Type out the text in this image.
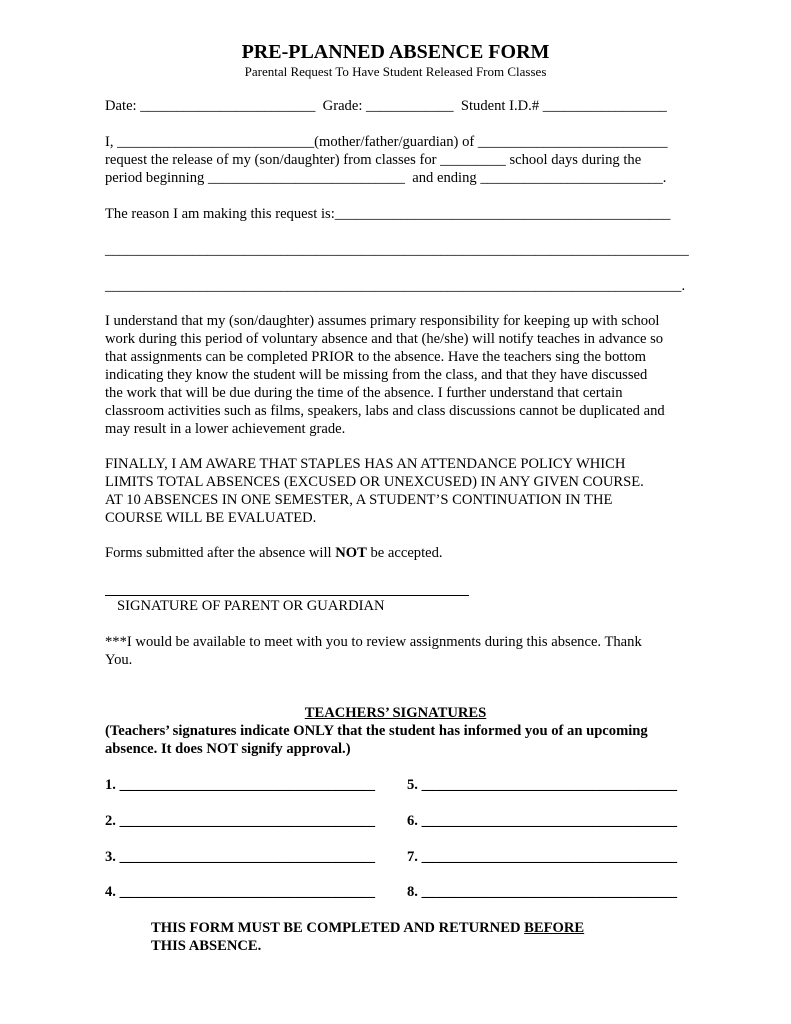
PRE-PLANNED ABSENCE FORM
Parental Request To Have Student Released From Classes
Date: ________________________  Grade: ____________  Student I.D.# _________________
I, ___________________________(mother/father/guardian) of __________________________
request the release of my (son/daughter) from classes for _________ school days during the
period beginning ___________________________  and ending _________________________.
The reason I am making this request is:______________________________________________
________________________________________________________________________________
_______________________________________________________________________________.
I understand that my (son/daughter) assumes primary responsibility for keeping up with school
work during this period of voluntary absence and that (he/she) will notify teaches in advance so
that assignments can be completed PRIOR to the absence. Have the teachers sing the bottom
indicating they know the student will be missing from the class, and that they have discussed
the work that will be due during the time of the absence. I further understand that certain
classroom activities such as films, speakers, labs and class discussions cannot be duplicated and
may result in a lower achievement grade.
FINALLY, I AM AWARE THAT STAPLES HAS AN ATTENDANCE POLICY WHICH
LIMITS TOTAL ABSENCES (EXCUSED OR UNEXCUSED) IN ANY GIVEN COURSE.
AT 10 ABSENCES IN ONE SEMESTER, A STUDENT’S CONTINUATION IN THE
COURSE WILL BE EVALUATED.
Forms submitted after the absence will NOT be accepted.
SIGNATURE OF PARENT OR GUARDIAN
***I would be available to meet with you to review assignments during this absence. Thank
You.
TEACHERS’ SIGNATURES
(Teachers’ signatures indicate ONLY that the student has informed you of an upcoming
absence. It does NOT signify approval.)
1. ___________________________________ 5. ___________________________________
2. ___________________________________ 6. ___________________________________
3. ___________________________________ 7. ___________________________________
4. ___________________________________ 8. ___________________________________
THIS FORM MUST BE COMPLETED AND RETURNED BEFORE
THIS ABSENCE.
